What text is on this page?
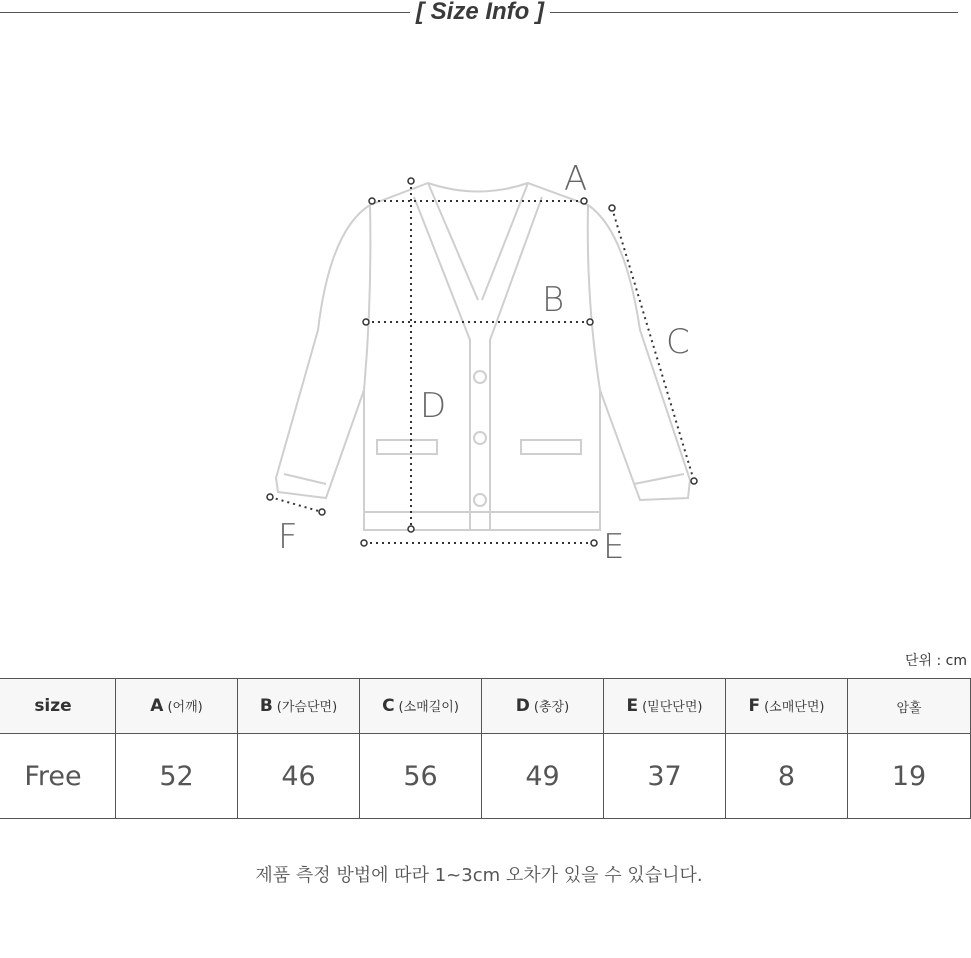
[ Size Info ]
A
B
C
D
E
F
단위 : cm
size	A (어깨)	B (가슴단면)	C (소매길이)	D (총장)	E (밑단단면)	F (소매단면)	암홀
Free	52	46	56	49	37	8	19
제품 측정 방법에 따라 1~3cm 오차가 있을 수 있습니다.
